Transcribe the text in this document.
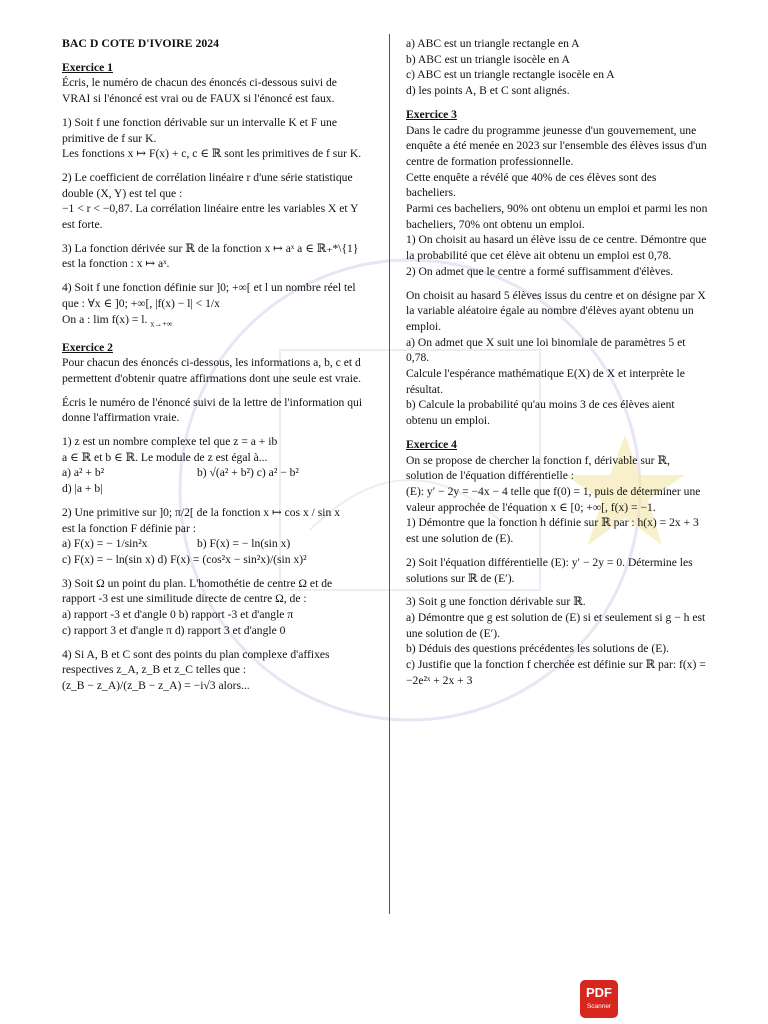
BAC D COTE D'IVOIRE 2024

Exercice 1

Écris, le numéro de chacun des énoncés ci-dessous suivi de VRAI si l'énoncé est vrai ou de FAUX si l'énoncé est faux.

1) Soit f une fonction dérivable sur un intervalle K et F une primitive de f sur K.

Les fonctions x ↦ F(x) + c, c ∈ ℝ sont les primitives de f sur K.

2) Le coefficient de corrélation linéaire r d'une série statistique double (X, Y) est tel que :

−1 < r < −0,87. La corrélation linéaire entre les variables X et Y est forte.

3) La fonction dérivée sur ℝ de la fonction x ↦ aˣ a ∈ ℝ₊*\{1} est la fonction : x ↦ aˣ.

4) Soit f une fonction définie sur ]0; +∞[ et l un nombre réel tel que : ∀x ∈ ]0; +∞[, |f(x) − l| < 1/x

On a : lim f(x) = l. $_{x\to+\infty}$

Exercice 2

Pour chacun des énoncés ci-dessous, les informations a, b, c et d permettent d'obtenir quatre affirmations dont une seule est vraie.

Écris le numéro de l'énoncé suivi de la lettre de l'information qui donne l'affirmation vraie.

1) z est un nombre complexe tel que z = a + ib

a ∈ ℝ et b ∈ ℝ. Le module de z est égal à...

a) a² + b²	b) √(a² + b²) c) a² − b²

d) |a + b|

2) Une primitive sur ]0; π/2[ de la fonction x ↦ cos x / sin x

est la fonction F définie par :

a) F(x) = − 1/sin²x	b) F(x) = − ln(sin x)

c) F(x) = − ln(sin x) d) F(x) = (cos²x − sin²x)/(sin x)²

3) Soit Ω un point du plan. L'homothétie de centre Ω et de rapport -3 est une similitude directe de centre Ω, de :

a) rapport -3 et d'angle 0 b) rapport -3 et d'angle π

c) rapport 3 et d'angle π d) rapport 3 et d'angle 0

4) Si A, B et C sont des points du plan complexe d'affixes respectives z_A, z_B et z_C telles que :

(z_B − z_A)/(z_B − z_A) = −i√3 alors...

a) ABC est un triangle rectangle en A

b) ABC est un triangle isocèle en A

c) ABC est un triangle rectangle isocèle en A

d) les points A, B et C sont alignés.

Exercice 3

Dans le cadre du programme jeunesse d'un gouvernement, une enquête a été menée en 2023 sur l'ensemble des élèves issus d'un centre de formation professionnelle.

Cette enquête a révélé que 40% de ces élèves sont des bacheliers.

Parmi ces bacheliers, 90% ont obtenu un emploi et parmi les non bacheliers, 70% ont obtenu un emploi.

1) On choisit au hasard un élève issu de ce centre. Démontre que la probabilité que cet élève ait obtenu un emploi est 0,78.

2) On admet que le centre a formé suffisamment d'élèves.

On choisit au hasard 5 élèves issus du centre et on désigne par X la variable aléatoire égale au nombre d'élèves ayant obtenu un emploi.

a) On admet que X suit une loi binomiale de paramètres 5 et 0,78.

Calcule l'espérance mathématique E(X) de X et interprète le résultat.

b) Calcule la probabilité qu'au moins 3 de ces élèves aient obtenu un emploi.

Exercice 4

On se propose de chercher la fonction f, dérivable sur ℝ, solution de l'équation différentielle :

(E): y′ − 2y = −4x − 4 telle que f(0) = 1, puis de déterminer une valeur approchée de l'équation x ∈ [0; +∞[, f(x) = −1.

1) Démontre que la fonction h définie sur ℝ par : h(x) = 2x + 3 est une solution de (E).

2) Soit l'équation différentielle (E): y′ − 2y = 0. Détermine les solutions sur ℝ de (E′).

3) Soit g une fonction dérivable sur ℝ.

a) Démontre que g est solution de (E) si et seulement si g − h est une solution de (E′).

b) Déduis des questions précédentes les solutions de (E).

c) Justifie que la fonction f cherchée est définie sur ℝ par: f(x) = −2e²ˣ + 2x + 3

PDF
Scanner
